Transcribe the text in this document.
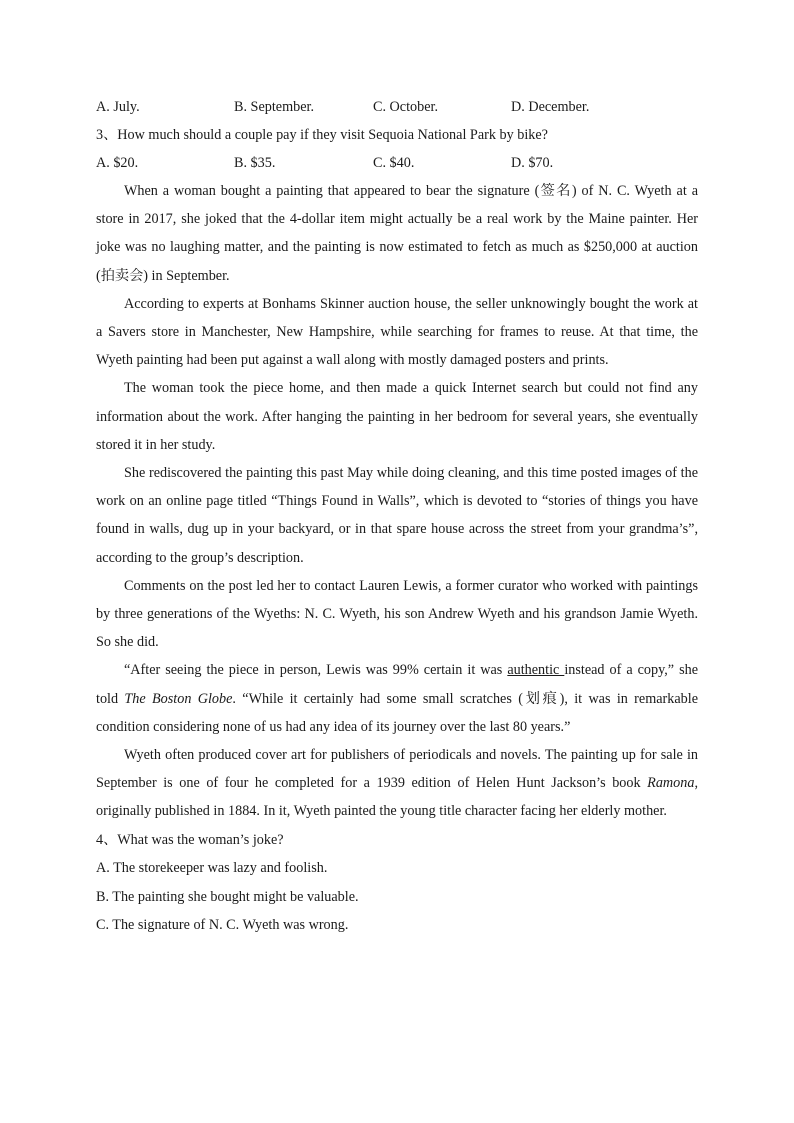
A. July.	B. September.	C. October.	D. December.
3、How much should a couple pay if they visit Sequoia National Park by bike?
A. $20.	B. $35.	C. $40.	D. $70.

When a woman bought a painting that appeared to bear the signature (签名) of N. C. Wyeth at a store in 2017, she joked that the 4-dollar item might actually be a real work by the Maine painter. Her joke was no laughing matter, and the painting is now estimated to fetch as much as $250,000 at auction (拍卖会) in September.

According to experts at Bonhams Skinner auction house, the seller unknowingly bought the work at a Savers store in Manchester, New Hampshire, while searching for frames to reuse. At that time, the Wyeth painting had been put against a wall along with mostly damaged posters and prints.

The woman took the piece home, and then made a quick Internet search but could not find any information about the work. After hanging the painting in her bedroom for several years, she eventually stored it in her study.

She rediscovered the painting this past May while doing cleaning, and this time posted images of the work on an online page titled “Things Found in Walls”, which is devoted to “stories of things you have found in walls, dug up in your backyard, or in that spare house across the street from your grandma’s”, according to the group’s description.

Comments on the post led her to contact Lauren Lewis, a former curator who worked with paintings by three generations of the Wyeths: N. C. Wyeth, his son Andrew Wyeth and his grandson Jamie Wyeth. So she did.

“After seeing the piece in person, Lewis was 99% certain it was authentic instead of a copy,” she told The Boston Globe. “While it certainly had some small scratches (划痕), it was in remarkable condition considering none of us had any idea of its journey over the last 80 years.”

Wyeth often produced cover art for publishers of periodicals and novels. The painting up for sale in September is one of four he completed for a 1939 edition of Helen Hunt Jackson’s book Ramona, originally published in 1884. In it, Wyeth painted the young title character facing her elderly mother.

4、What was the woman’s joke?
A. The storekeeper was lazy and foolish.
B. The painting she bought might be valuable.
C. The signature of N. C. Wyeth was wrong.
